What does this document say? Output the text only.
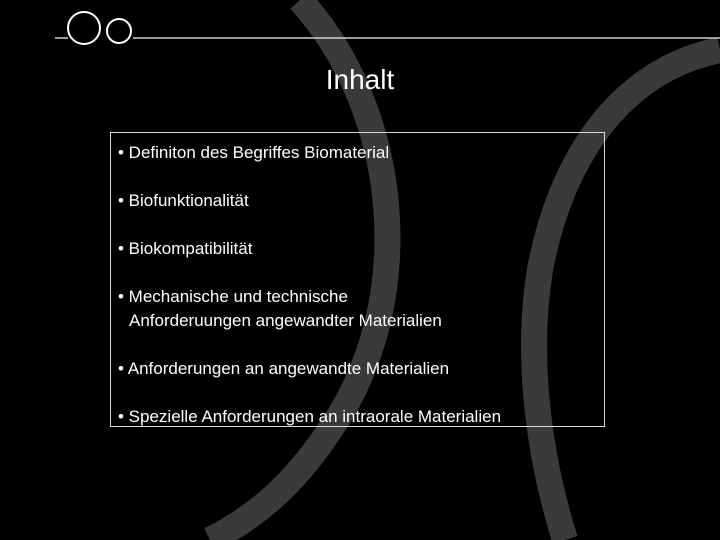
Inhalt
• Definiton des Begriffes Biomaterial
• Biofunktionalität
• Biokompatibilität
• Mechanische und technische
Anforderuungen angewandter Materialien
• Anforderungen an angewandte Materialien
• Spezielle Anforderungen an intraorale Materialien
